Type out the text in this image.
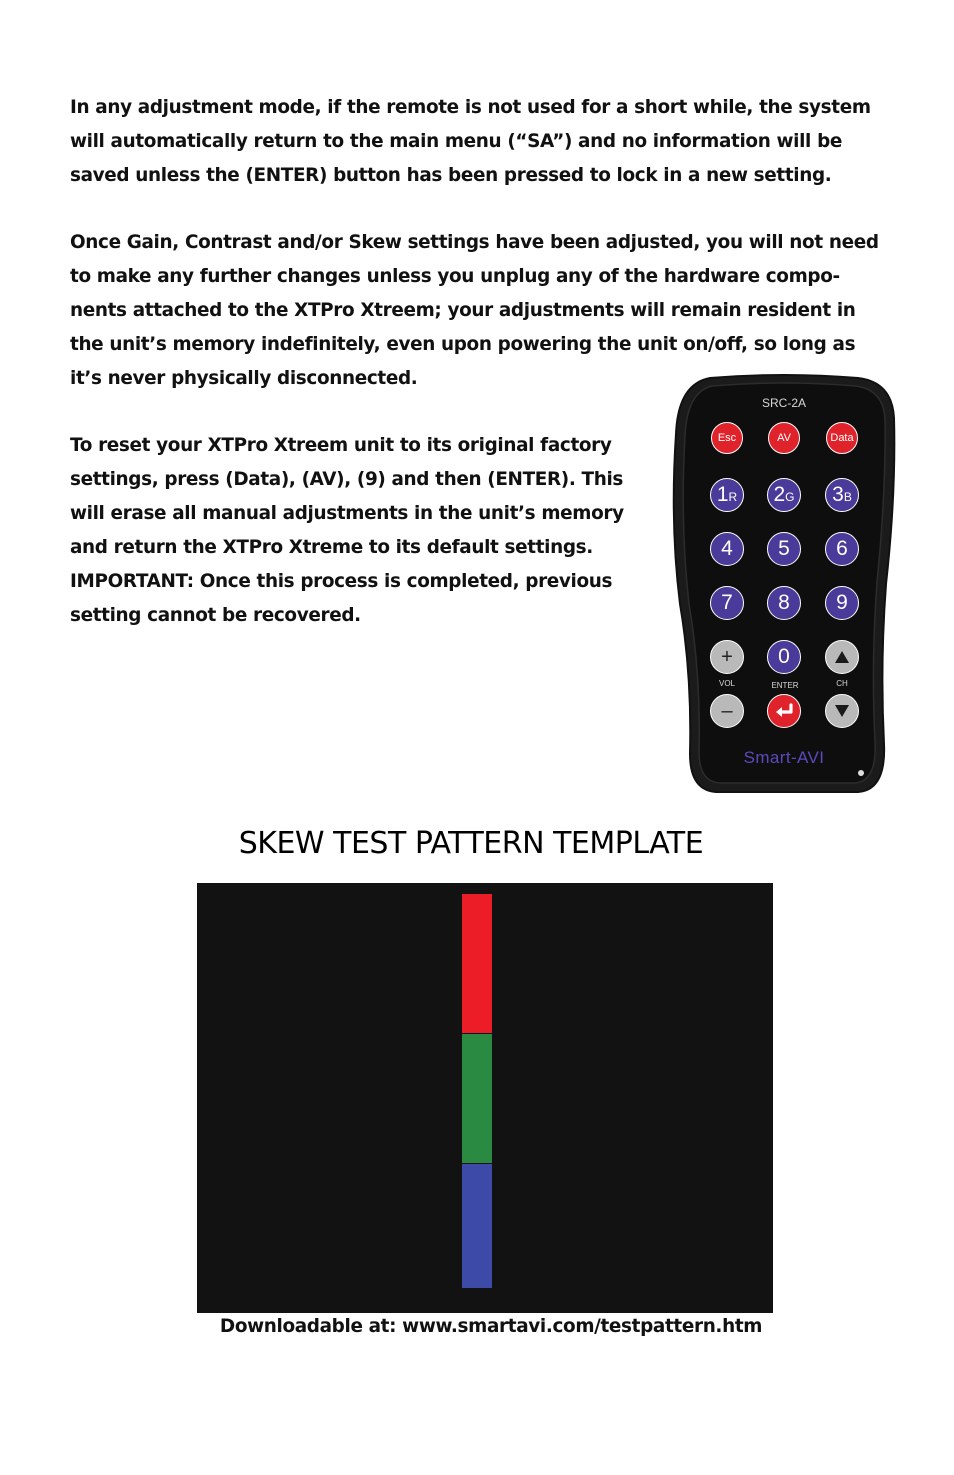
In any adjustment mode, if the remote is not used for a short while, the system
will automatically return to the main menu (“SA”) and no information will be
saved unless the (ENTER) button has been pressed to lock in a new setting.
Once Gain, Contrast and/or Skew settings have been adjusted, you will not need
to make any further changes unless you unplug any of the hardware compo-
nents attached to the XTPro Xtreem; your adjustments will remain resident in
the unit’s memory indefinitely, even upon powering the unit on/off, so long as
it’s never physically disconnected.
To reset your XTPro Xtreem unit to its original factory
settings, press (Data), (AV), (9) and then (ENTER). This
will erase all manual adjustments in the unit’s memory
and return the XTPro Xtreme to its default settings.
IMPORTANT: Once this process is completed, previous
setting cannot be recovered.
SRC-2A
Esc	AV	Data
1 R 2 G 3 B
4	5	6
7	8	9
+	0
VOL	ENTER	CH
–
Smart-AVI
SKEW TEST PATTERN TEMPLATE

Downloadable at: www.smartavi.com/testpattern.htm
